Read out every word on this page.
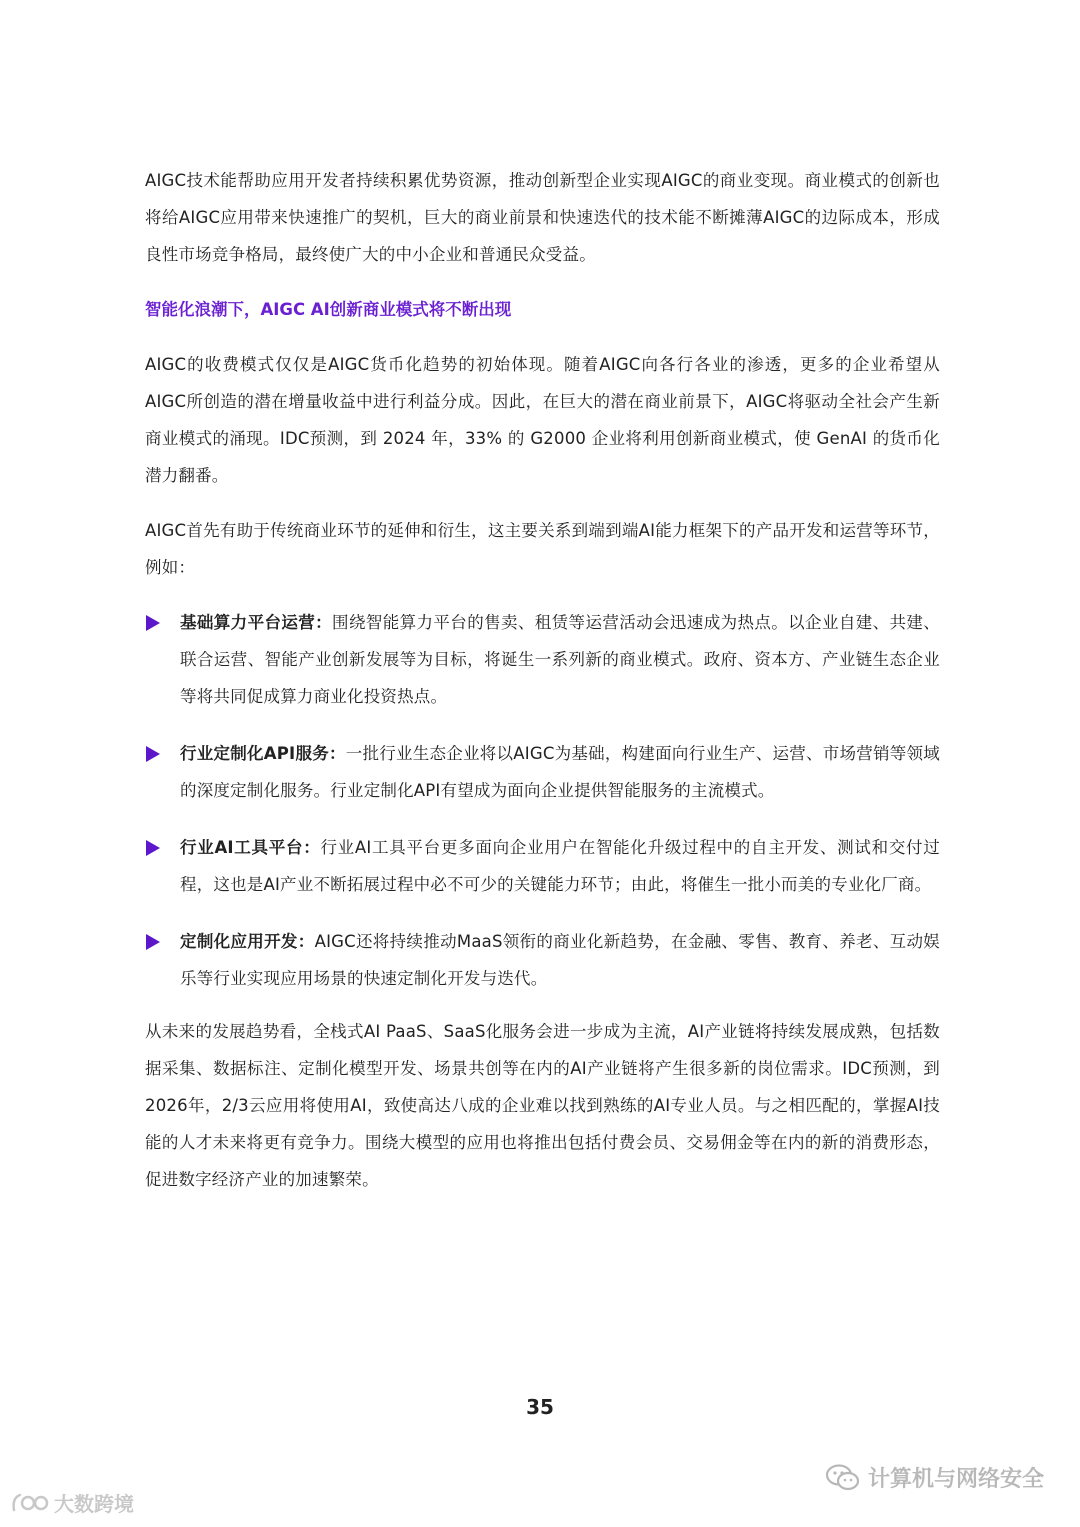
AIGC技术能帮助应用开发者持续积累优势资源，推动创新型企业实现AIGC的商业变现。商业模式的创新也将给AIGC应用带来快速推广的契机，巨大的商业前景和快速迭代的技术能不断摊薄AIGC的边际成本，形成良性市场竞争格局，最终使广大的中小企业和普通民众受益。

智能化浪潮下，AIGC AI创新商业模式将不断出现

AIGC的收费模式仅仅是AIGC货币化趋势的初始体现。随着AIGC向各行各业的渗透，更多的企业希望从AIGC所创造的潜在增量收益中进行利益分成。因此，在巨大的潜在商业前景下，AIGC将驱动全社会产生新商业模式的涌现。IDC预测，到 2024 年，33% 的 G2000 企业将利用创新商业模式，使 GenAI 的货币化潜力翻番。

AIGC首先有助于传统商业环节的延伸和衍生，这主要关系到端到端AI能力框架下的产品开发和运营等环节，例如：

基础算力平台运营：围绕智能算力平台的售卖、租赁等运营活动会迅速成为热点。以企业自建、共建、联合运营、智能产业创新发展等为目标，将诞生一系列新的商业模式。政府、资本方、产业链生态企业等将共同促成算力商业化投资热点。
行业定制化API服务：一批行业生态企业将以AIGC为基础，构建面向行业生产、运营、市场营销等领域的深度定制化服务。行业定制化API有望成为面向企业提供智能服务的主流模式。
行业AI工具平台：行业AI工具平台更多面向企业用户在智能化升级过程中的自主开发、测试和交付过程，这也是AI产业不断拓展过程中必不可少的关键能力环节；由此，将催生一批小而美的专业化厂商。
定制化应用开发：AIGC还将持续推动MaaS领衔的商业化新趋势，在金融、零售、教育、养老、互动娱乐等行业实现应用场景的快速定制化开发与迭代。

从未来的发展趋势看，全栈式AI PaaS、SaaS化服务会进一步成为主流，AI产业链将持续发展成熟，包括数据采集、数据标注、定制化模型开发、场景共创等在内的AI产业链将产生很多新的岗位需求。IDC预测，到2026年，2/3云应用将使用AI，致使高达八成的企业难以找到熟练的AI专业人员。与之相匹配的，掌握AI技能的人才未来将更有竞争力。围绕大模型的应用也将推出包括付费会员、交易佣金等在内的新的消费形态，促进数字经济产业的加速繁荣。

35
计算机与网络安全
大数跨境
